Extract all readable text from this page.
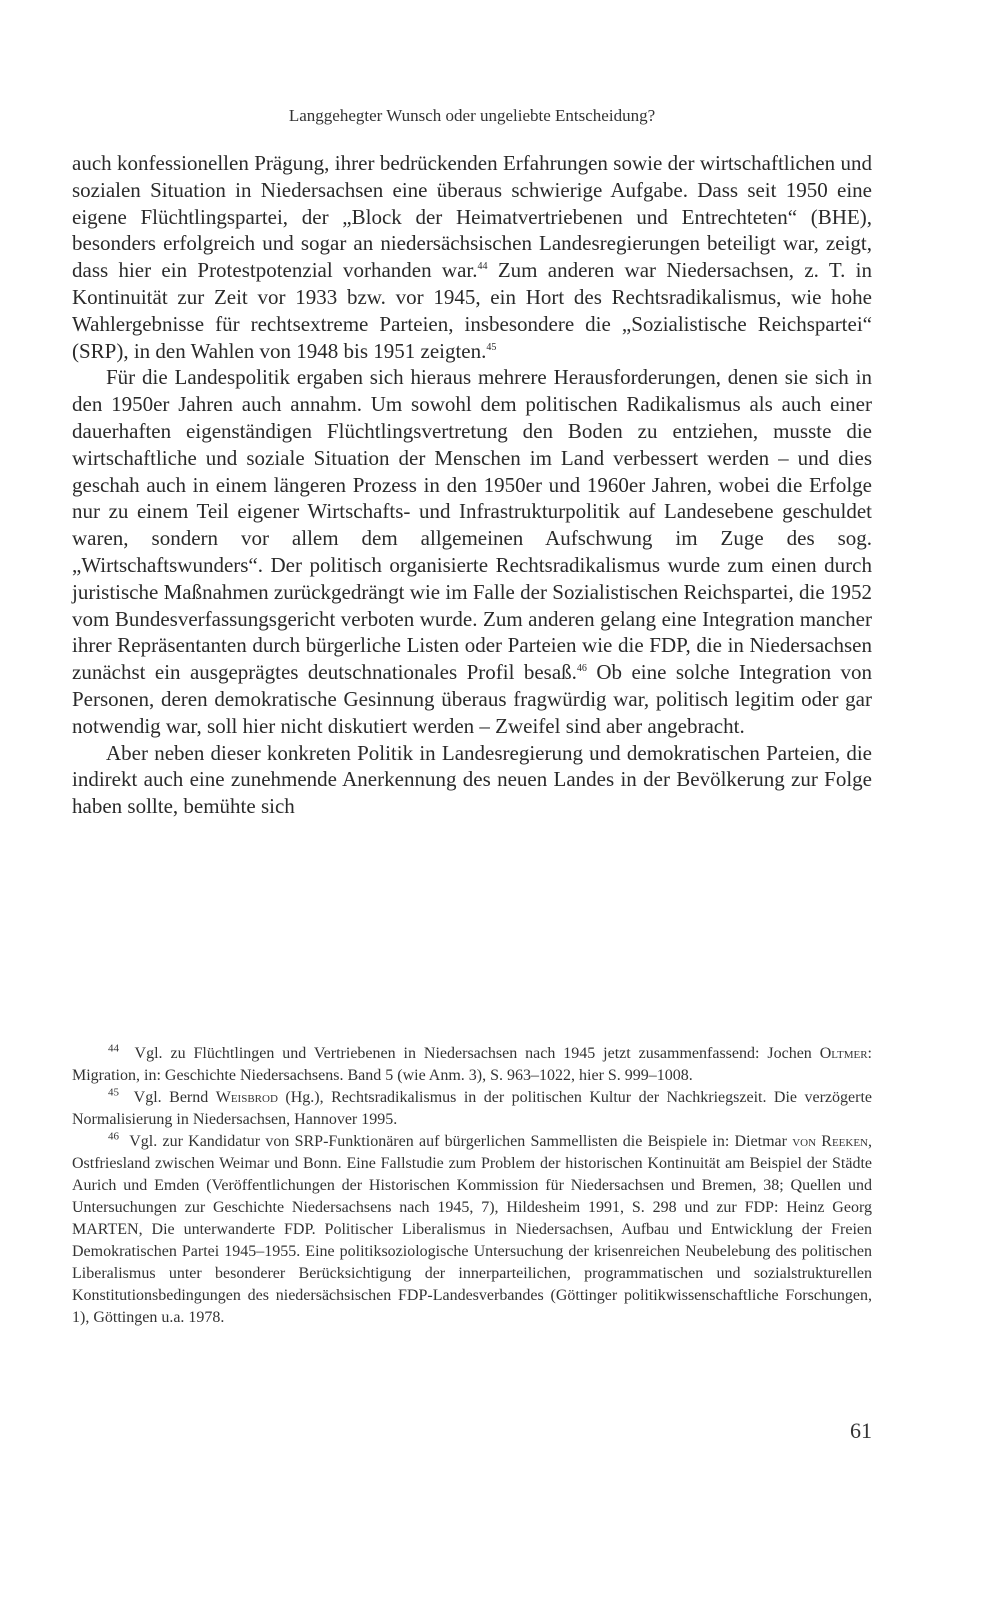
Langgehegter Wunsch oder ungeliebte Entscheidung?

auch konfessionellen Prägung, ihrer bedrückenden Erfahrungen sowie der wirtschaftlichen und sozialen Situation in Niedersachsen eine überaus schwierige Aufgabe. Dass seit 1950 eine eigene Flüchtlingspartei, der „Block der Heimatvertriebenen und Entrechteten“ (BHE), besonders erfolgreich und sogar an niedersächsischen Landesregierungen beteiligt war, zeigt, dass hier ein Protestpotenzial vorhanden war.$^{44}$ Zum anderen war Niedersachsen, z. T. in Kontinuität zur Zeit vor 1933 bzw. vor 1945, ein Hort des Rechtsradikalismus, wie hohe Wahlergebnisse für rechtsextreme Parteien, insbesondere die „Sozialistische Reichspartei“ (SRP), in den Wahlen von 1948 bis 1951 zeigten.$^{45}$

Für die Landespolitik ergaben sich hieraus mehrere Herausforderungen, denen sie sich in den 1950er Jahren auch annahm. Um sowohl dem politischen Radikalismus als auch einer dauerhaften eigenständigen Flüchtlingsvertretung den Boden zu entziehen, musste die wirtschaftliche und soziale Situation der Menschen im Land verbessert werden – und dies geschah auch in einem längeren Prozess in den 1950er und 1960er Jahren, wobei die Erfolge nur zu einem Teil eigener Wirtschafts- und Infrastrukturpolitik auf Landesebene geschuldet waren, sondern vor allem dem allgemeinen Aufschwung im Zuge des sog. „Wirtschaftswunders“. Der politisch organisierte Rechtsradikalismus wurde zum einen durch juristische Maßnahmen zurückgedrängt wie im Falle der Sozialistischen Reichspartei, die 1952 vom Bundesverfassungsgericht verboten wurde. Zum anderen gelang eine Integration mancher ihrer Repräsentanten durch bürgerliche Listen oder Parteien wie die FDP, die in Niedersachsen zunächst ein ausgeprägtes deutschnationales Profil besaß.$^{46}$ Ob eine solche Integration von Personen, deren demokratische Gesinnung überaus fragwürdig war, politisch legitim oder gar notwendig war, soll hier nicht diskutiert werden – Zweifel sind aber angebracht.

Aber neben dieser konkreten Politik in Landesregierung und demokratischen Parteien, die indirekt auch eine zunehmende Anerkennung des neuen Landes in der Bevölkerung zur Folge haben sollte, bemühte sich

$^{44}$ Vgl. zu Flüchtlingen und Vertriebenen in Niedersachsen nach 1945 jetzt zusammenfassend: Jochen Oltmer: Migration, in: Geschichte Niedersachsens. Band 5 (wie Anm. 3), S. 963–1022, hier S. 999–1008.

$^{45}$ Vgl. Bernd Weisbrod (Hg.), Rechtsradikalismus in der politischen Kultur der Nachkriegszeit. Die verzögerte Normalisierung in Niedersachsen, Hannover 1995.

$^{46}$ Vgl. zur Kandidatur von SRP-Funktionären auf bürgerlichen Sammellisten die Beispiele in: Dietmar von Reeken, Ostfriesland zwischen Weimar und Bonn. Eine Fallstudie zum Problem der historischen Kontinuität am Beispiel der Städte Aurich und Emden (Veröffentlichungen der Historischen Kommission für Niedersachsen und Bremen, 38; Quellen und Untersuchungen zur Geschichte Niedersachsens nach 1945, 7), Hildesheim 1991, S. 298 und zur FDP: Heinz Georg MARTEN, Die unterwanderte FDP. Politischer Liberalismus in Niedersachsen, Aufbau und Entwicklung der Freien Demokratischen Partei 1945–1955. Eine politiksoziologische Untersuchung der krisenreichen Neubelebung des politischen Liberalismus unter besonderer Berücksichtigung der innerparteilichen, programmatischen und sozialstrukturellen Konstitutionsbedingungen des niedersächsischen FDP-Landesverbandes (Göttinger politikwissenschaftliche Forschungen, 1), Göttingen u.a. 1978.

61
